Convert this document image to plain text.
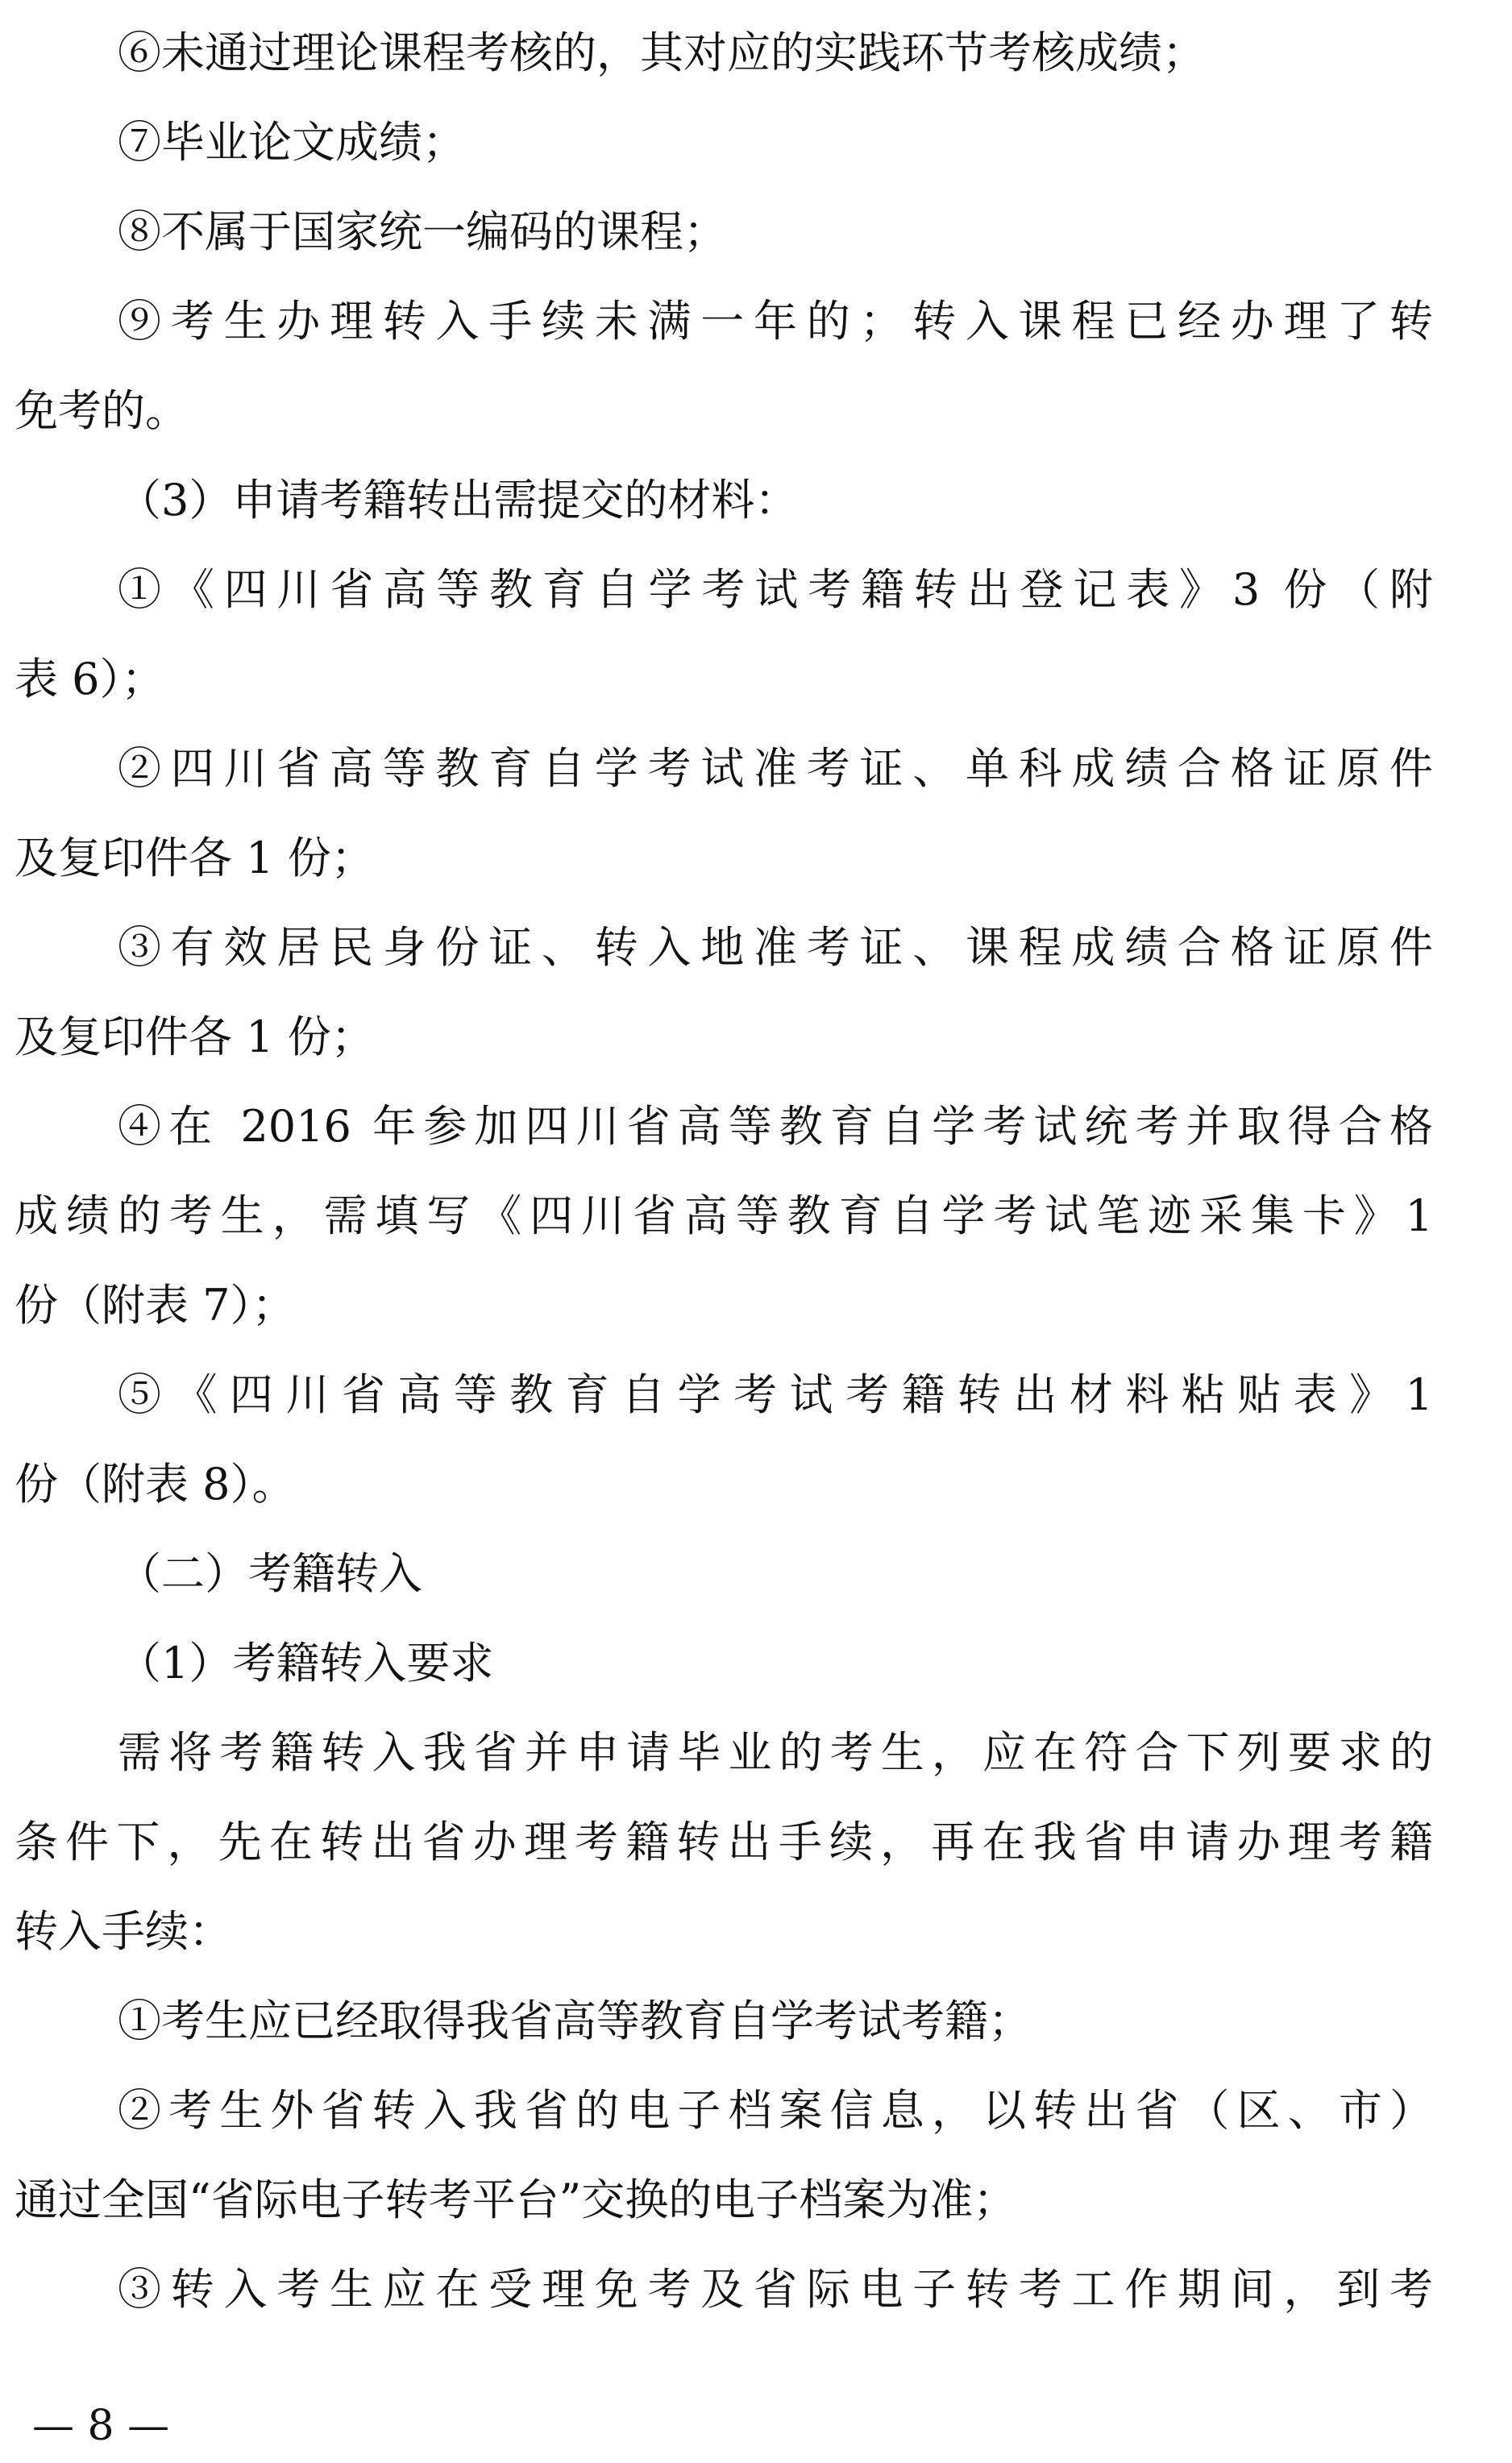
⑥未通过理论课程考核的，其对应的实践环节考核成绩；
⑦毕业论文成绩；
⑧不属于国家统一编码的课程；
⑨考生办理转入手续未满一年的；转入课程已经办理了转
免考的。
（3）申请考籍转出需提交的材料：
①《四川省高等教育自学考试考籍转出登记表》3 份（附
表 6）；
②四川省高等教育自学考试准考证、单科成绩合格证原件
及复印件各 1 份；
③有效居民身份证、转入地准考证、课程成绩合格证原件
及复印件各 1 份；
④在 2016 年参加四川省高等教育自学考试统考并取得合格
成绩的考生，需填写《四川省高等教育自学考试笔迹采集卡》1
份（附表 7）；
⑤《四川省高等教育自学考试考籍转出材料粘贴表》1
份（附表 8）。
（二）考籍转入
（1）考籍转入要求
需将考籍转入我省并申请毕业的考生，应在符合下列要求的
条件下，先在转出省办理考籍转出手续，再在我省申请办理考籍
转入手续：
①考生应已经取得我省高等教育自学考试考籍；
②考生外省转入我省的电子档案信息，以转出省（区、市）
通过全国“省际电子转考平台”交换的电子档案为准；
③转入考生应在受理免考及省际电子转考工作期间，到考
— 8 —
